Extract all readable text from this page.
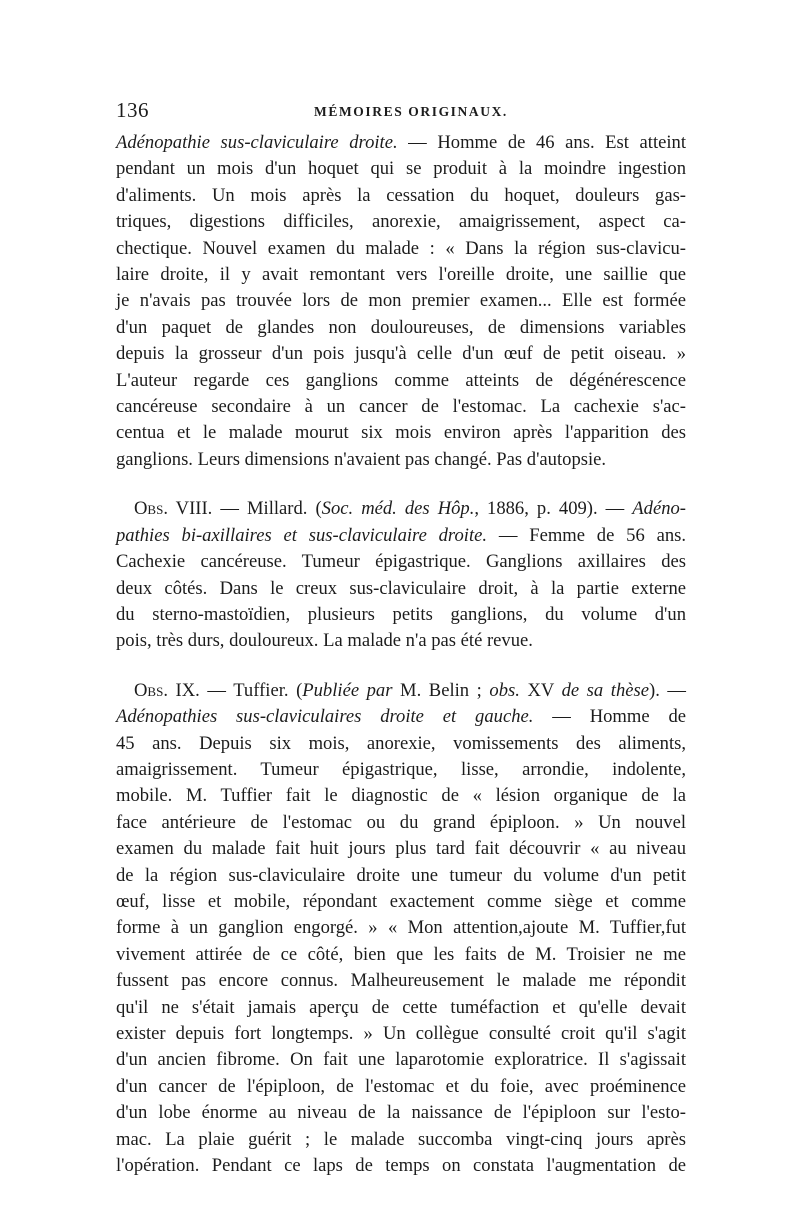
136	MÉMOIRES ORIGINAUX.

Adénopathie sus-claviculaire droite. — Homme de 46 ans. Est atteint
pendant un mois d'un hoquet qui se produit à la moindre ingestion
d'aliments. Un mois après la cessation du hoquet, douleurs gas-
triques, digestions difficiles, anorexie, amaigrissement, aspect ca-
chectique. Nouvel examen du malade : « Dans la région sus-clavicu-
laire droite, il y avait remontant vers l'oreille droite, une saillie que
je n'avais pas trouvée lors de mon premier examen... Elle est formée
d'un paquet de glandes non douloureuses, de dimensions variables
depuis la grosseur d'un pois jusqu'à celle d'un œuf de petit oiseau. »
L'auteur regarde ces ganglions comme atteints de dégénérescence
cancéreuse secondaire à un cancer de l'estomac. La cachexie s'ac-
centua et le malade mourut six mois environ après l'apparition des
ganglions. Leurs dimensions n'avaient pas changé. Pas d'autopsie.

Obs. VIII. — Millard. (Soc. méd. des Hôp., 1886, p. 409). — Adéno-
pathies bi-axillaires et sus-claviculaire droite. — Femme de 56 ans.
Cachexie cancéreuse. Tumeur épigastrique. Ganglions axillaires des
deux côtés. Dans le creux sus-claviculaire droit, à la partie externe
du sterno-mastoïdien, plusieurs petits ganglions, du volume d'un
pois, très durs, douloureux. La malade n'a pas été revue.

Obs. IX. — Tuffier. (Publiée par M. Belin ; obs. XV de sa thèse). —
Adénopathies sus-claviculaires droite et gauche. — Homme de
45 ans. Depuis six mois, anorexie, vomissements des aliments,
amaigrissement. Tumeur épigastrique, lisse, arrondie, indolente,
mobile. M. Tuffier fait le diagnostic de « lésion organique de la
face antérieure de l'estomac ou du grand épiploon. » Un nouvel
examen du malade fait huit jours plus tard fait découvrir « au niveau
de la région sus-claviculaire droite une tumeur du volume d'un petit
œuf, lisse et mobile, répondant exactement comme siège et comme
forme à un ganglion engorgé. » « Mon attention,ajoute M. Tuffier,fut
vivement attirée de ce côté, bien que les faits de M. Troisier ne me
fussent pas encore connus. Malheureusement le malade me répondit
qu'il ne s'était jamais aperçu de cette tuméfaction et qu'elle devait
exister depuis fort longtemps. » Un collègue consulté croit qu'il s'agit
d'un ancien fibrome. On fait une laparotomie exploratrice. Il s'agissait
d'un cancer de l'épiploon, de l'estomac et du foie, avec proéminence
d'un lobe énorme au niveau de la naissance de l'épiploon sur l'esto-
mac. La plaie guérit ; le malade succomba vingt-cinq jours après
l'opération. Pendant ce laps de temps on constata l'augmentation de
